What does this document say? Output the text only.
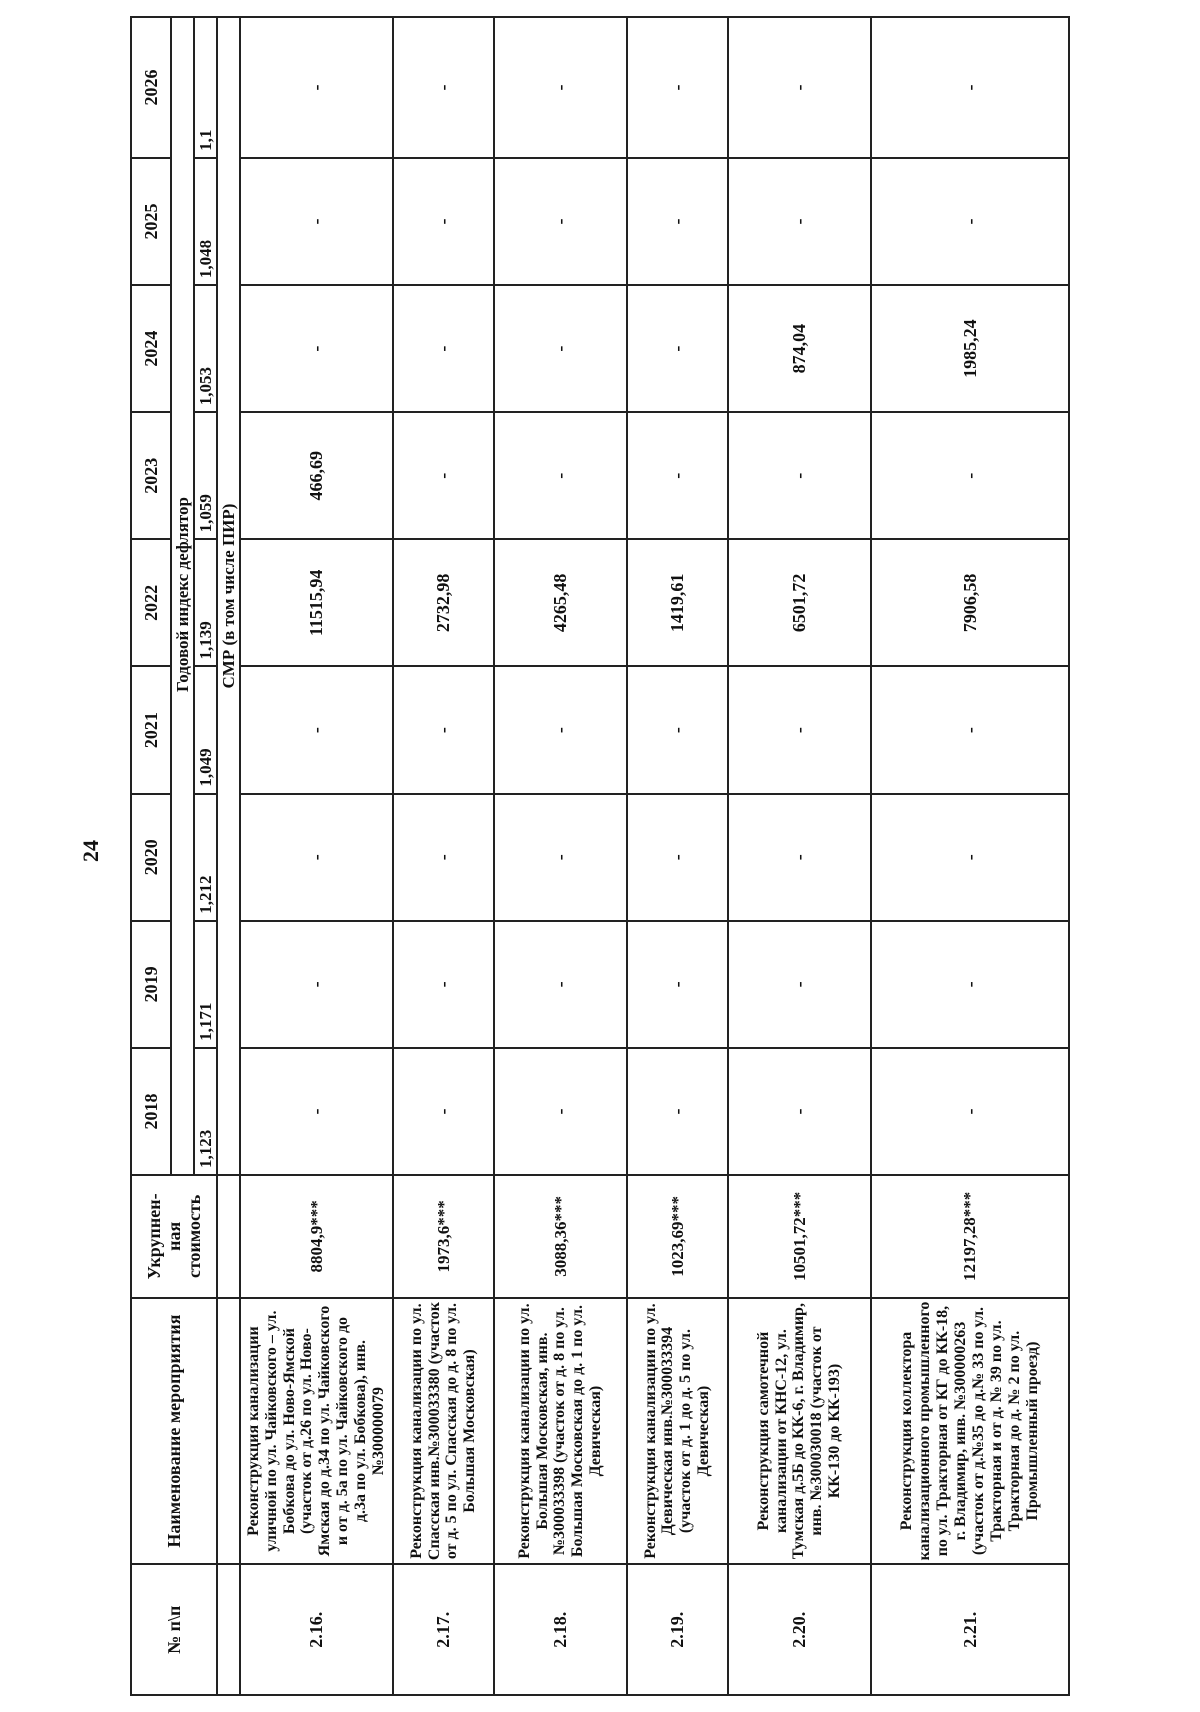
24
№ п\п	Наименование мероприятия	Укрупнен-ная стоимость	2018	2019	2020	2021	2022	2023	2024	2025	2026
			Годовой индекс дефлятор								
			1,123	1,171	1,212	1,049	1,139	1,059	1,053	1,048	1,1
			СМР (в том числе ПИР)								
2.16.	Реконструкция канализации уличной по ул. Чайковского – ул. Бобкова до ул. Ново-Ямской (участок от д.26 по ул. Ново-Ямская до д.34 по ул. Чайковского и от д. 5а по ул. Чайковского до д.3а по ул. Бобкова), инв. №300000079	8804,9***	-	-	-	-	11515,94	466,69	-	-	-
2.17.	Реконструкция канализации по ул. Спасская инв.№300033380 (участок от д. 5 по ул. Спасская до д. 8 по ул. Большая Московская)	1973,6***	-	-	-	-	2732,98	-	-	-	-
2.18.	Реконструкция канализации по ул. Большая Московская, инв.№300033398 (участок от д. 8 по ул. Большая Московская до д. 1 по ул. Девическая)	3088,36***	-	-	-	-	4265,48	-	-	-	-
2.19.	Реконструкция канализации по ул. Девическая инв.№300033394 (участок от д. 1 до д. 5 по ул. Девическая)	1023,69***	-	-	-	-	1419,61	-	-	-	-
2.20.	Реконструкция самотечной канализации от КНС-12, ул. Тумская д.5Б до КК-6, г. Владимир, инв. №300030018 (участок от КК-130 до КК-193)	10501,72***	-	-	-	-	6501,72	-	874,04	-	-
2.21.	Реконструкция коллектора канализационного промышленного по ул. Тракторная от КГ до КК-18, г. Владимир, инв. №300000263 (участок от д.№35 до д.№ 33 по ул. Тракторная и от д. № 39 по ул. Тракторная до д. № 2 по ул. Промышленный проезд)	12197,28***	-	-	-	-	7906,58	-	1985,24	-	-
